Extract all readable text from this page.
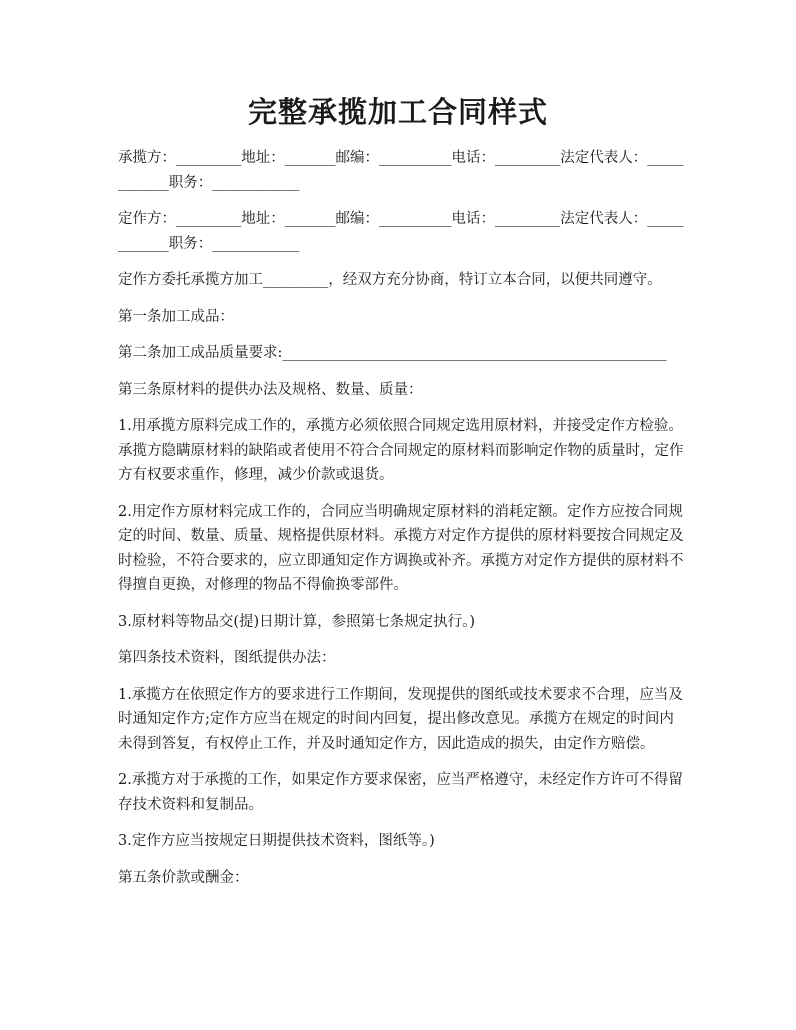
完整承揽加工合同样式

承揽方：_________地址：_______邮编：__________电话：_________法定代表人：____________职务：____________

定作方：_________地址：_______邮编：__________电话：_________法定代表人：____________职务：____________

定作方委托承揽方加工_________，经双方充分协商，特订立本合同，以便共同遵守。

第一条加工成品：

第二条加工成品质量要求:_____________________________________________________

第三条原材料的提供办法及规格、数量、质量：

1.用承揽方原料完成工作的，承揽方必须依照合同规定选用原材料，并接受定作方检验。承揽方隐瞒原材料的缺陷或者使用不符合合同规定的原材料而影响定作物的质量时，定作方有权要求重作，修理，减少价款或退货。

2.用定作方原材料完成工作的，合同应当明确规定原材料的消耗定额。定作方应按合同规定的时间、数量、质量、规格提供原材料。承揽方对定作方提供的原材料要按合同规定及时检验，不符合要求的，应立即通知定作方调换或补齐。承揽方对定作方提供的原材料不得擅自更换，对修理的物品不得偷换零部件。

3.原材料等物品交(提)日期计算，参照第七条规定执行。)

第四条技术资料，图纸提供办法：

1.承揽方在依照定作方的要求进行工作期间，发现提供的图纸或技术要求不合理，应当及时通知定作方;定作方应当在规定的时间内回复，提出修改意见。承揽方在规定的时间内未得到答复，有权停止工作，并及时通知定作方，因此造成的损失，由定作方赔偿。

2.承揽方对于承揽的工作，如果定作方要求保密，应当严格遵守，未经定作方许可不得留存技术资料和复制品。

3.定作方应当按规定日期提供技术资料，图纸等。)

第五条价款或酬金：
